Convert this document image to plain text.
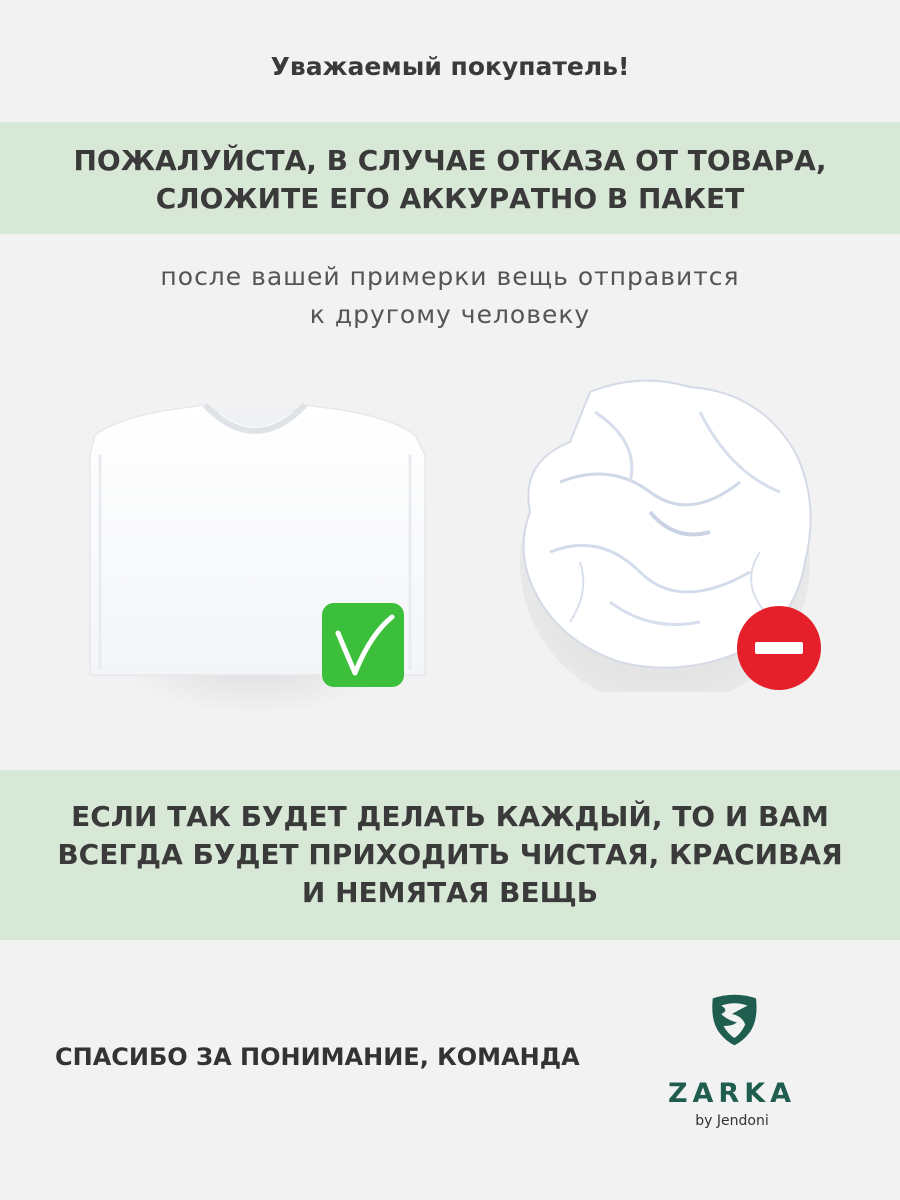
Уважаемый покупатель!
ПОЖАЛУЙСТА, В СЛУЧАЕ ОТКАЗА ОТ ТОВАРА,
СЛОЖИТЕ ЕГО АККУРАТНО В ПАКЕТ
после вашей примерки вещь отправится
к другому человеку
ЕСЛИ ТАК БУДЕТ ДЕЛАТЬ КАЖДЫЙ, ТО И ВАМ
ВСЕГДА БУДЕТ ПРИХОДИТЬ ЧИСТАЯ, КРАСИВАЯ
И НЕМЯТАЯ ВЕЩЬ
СПАСИБО ЗА ПОНИМАНИЕ, КОМАНДА
ZARKA
by Jendoni
